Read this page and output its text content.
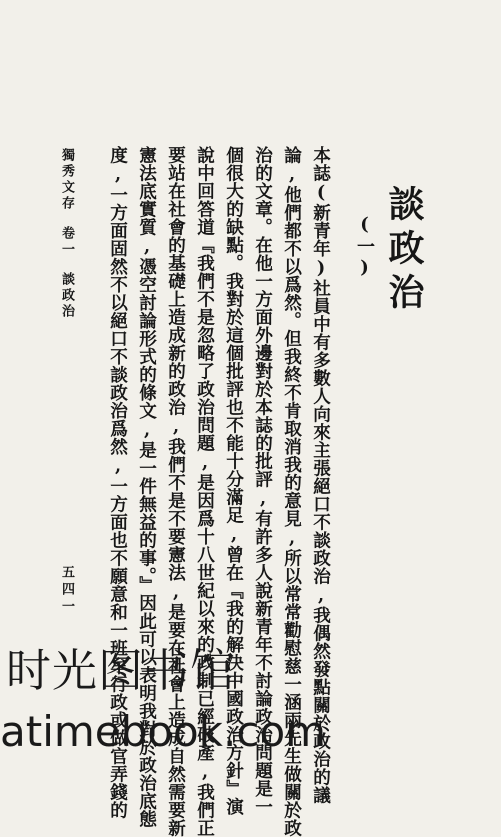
談政治
(一)
本誌(新青年)社員中有多數人向來主張絕口不談政治,我偶然發點關於政治的議
論,他們都不以爲然。但我終不肯取消我的意見,所以常常勸慰慈一涵兩先生做關於政
治的文章。在他一方面外邊對於本誌的批評,有許多人說新青年不討論政治問題是一
個很大的缺點。我對於這個批評也不能十分滿足,曾在『我的解決中國政治方針』演
說中回答道『我們不是忽略了政治問題,是因爲十八世紀以來的政制已經破產,我們正
要站在社會的基礎上造成新的政治,我們不是不要憲法,是要在社會上造成自然需要新
憲法底實質,憑空討論形式的條文,是一件無益的事。』因此可以表明我對於政治底態
度,一方面固然不以絕口不談政治爲然,一方面也不願意和一班牟行政或做官弄錢的
獨秀文存卷一談政治
五四一
时光图书馆
atimebook.com
